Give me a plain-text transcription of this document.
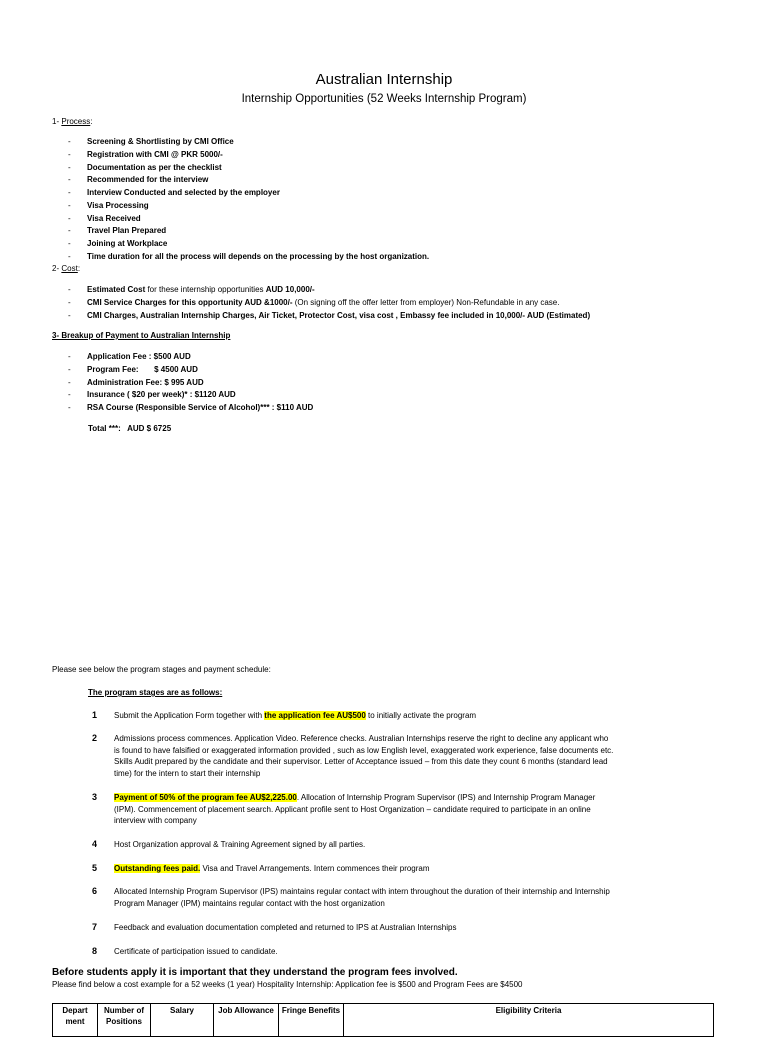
Australian Internship
Internship Opportunities (52 Weeks Internship Program)
1- Process:
- Screening & Shortlisting by CMI Office
- Registration with CMI @ PKR 5000/-
- Documentation as per the checklist
- Recommended for the interview
- Interview Conducted and selected by the employer
- Visa Processing
- Visa Received
- Travel Plan Prepared
- Joining at Workplace
- Time duration for all the process will depends on the processing by the host organization.
2- Cost:
- Estimated Cost for these internship opportunities AUD 10,000/-
- CMI Service Charges for this opportunity AUD &1000/- (On signing off the offer letter from employer) Non-Refundable in any case.
- CMI Charges, Australian Internship Charges, Air Ticket, Protector Cost, visa cost , Embassy fee included in 10,000/- AUD (Estimated)
3- Breakup of Payment to Australian Internship
- Application Fee : $500 AUD
- Program Fee:       $ 4500 AUD
- Administration Fee: $ 995 AUD
- Insurance ( $20 per week)* : $1120 AUD
- RSA Course (Responsible Service of Alcohol)*** : $110 AUD
Total ***:   AUD $ 6725
Please see below the program stages and payment schedule:
The program stages are as follows:
1 Submit the Application Form together with the application fee AU$500 to initially activate the program
2 Admissions process commences. Application Video. Reference checks. Australian Internships reserve the right to decline any applicant who is found to have falsified or exaggerated information provided , such as low English level, exaggerated work experience, false documents etc. Skills Audit prepared by the candidate and their supervisor. Letter of Acceptance issued – from this date they count 6 months (standard lead time) for the intern to start their internship
3 Payment of 50% of the program fee AU$2,225.00. Allocation of Internship Program Supervisor (IPS) and Internship Program Manager (IPM). Commencement of placement search. Applicant profile sent to Host Organization – candidate required to participate in an online interview with company
4 Host Organization approval & Training Agreement signed by all parties.
5 Outstanding fees paid. Visa and Travel Arrangements. Intern commences their program
6 Allocated Internship Program Supervisor (IPS) maintains regular contact with intern throughout the duration of their internship and Internship Program Manager (IPM) maintains regular contact with the host organization
7 Feedback and evaluation documentation completed and returned to IPS at Australian Internships
8 Certificate of participation issued to candidate.
Before students apply it is important that they understand the program fees involved.
Please find below a cost example for a 52 weeks (1 year) Hospitality Internship: Application fee is $500 and Program Fees are $4500
Depart ment	Number of Positions	Salary	Job Allowance	Fringe Benefits	Eligibility Criteria
